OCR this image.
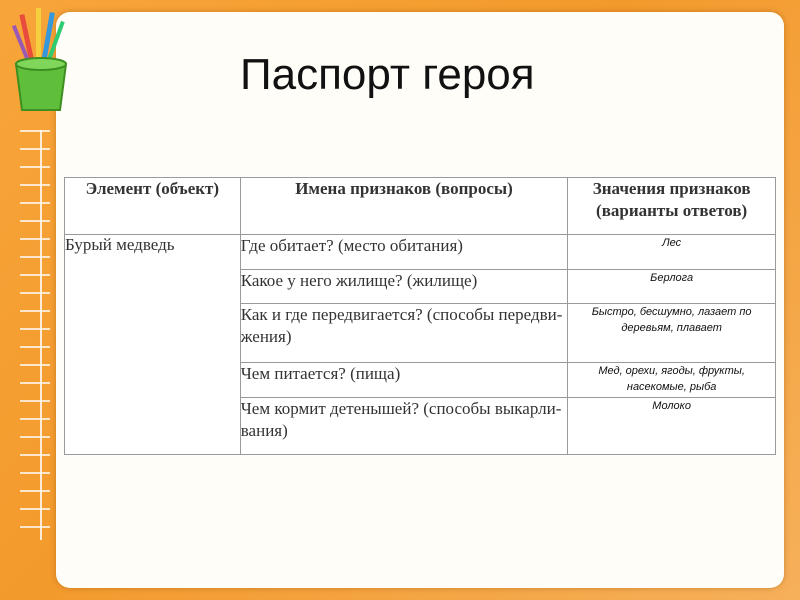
Паспорт героя
Элемент (объект)	Имена признаков (вопросы)	Значения признаков (варианты ответов)
Бурый медведь	Где обитает? (место обитания)	Лес
	Какое у него жилище? (жилище)	Берлога
	Как и где передвигается? (способы передви-жения)	Быстро, бесшумно, лазает по деревьям, плавает
	Чем питается? (пища)	Мед, орехи, ягоды, фрукты, насекомые, рыба
	Чем кормит детенышей? (способы выкарли-вания)	Молоко
